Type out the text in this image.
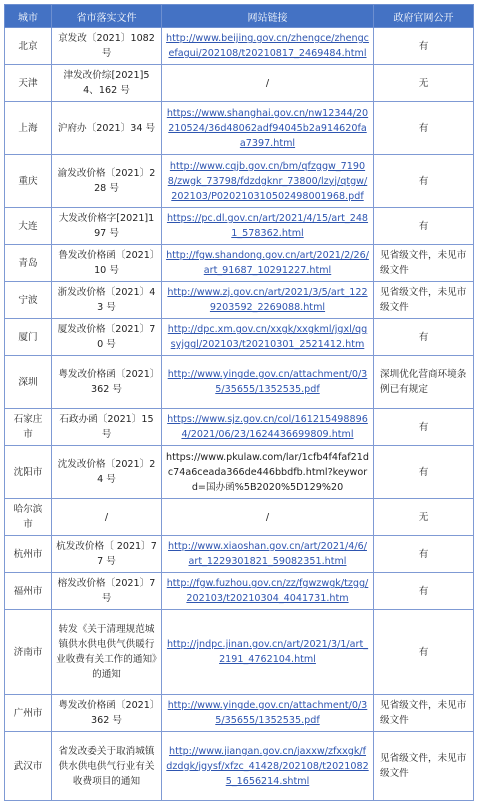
城市	省市落实文件	网站链接	政府官网公开
北京	京发改〔2021〕1082 号	http://www.beijing.gov.cn/zhengce/zhengcefagui/202108/t20210817_2469484.html	有
天津	津发改价综[2021]54、162 号	/	无
上海	沪府办〔2021〕34 号	https://www.shanghai.gov.cn/nw12344/20210524/36d48062adf94045b2a914620faa7397.html	有
重庆	渝发改价格〔2021〕228 号	http://www.cqjb.gov.cn/bm/qfzggw_71908/zwgk_73798/fdzdgknr_73800/lzyj/qtgw/202103/P020210310502498001968.pdf	有
大连	大发改价格字[2021]197 号	https://pc.dl.gov.cn/art/2021/4/15/art_2481_578362.html	有
青岛	鲁发改价格函〔2021〕10 号	http://fgw.shandong.gov.cn/art/2021/2/26/art_91687_10291227.html	见省级文件，未见市级文件
宁波	浙发改价格〔2021〕43 号	http://www.zj.gov.cn/art/2021/3/5/art_1229203592_2269088.html	见省级文件，未见市级文件
厦门	厦发改价格〔2021〕70 号	http://dpc.xm.gov.cn/xxgk/xxgkml/jgxl/qgsyjggl/202103/t20210301_2521412.htm	有
深圳	粤发改价格函〔2021〕362 号	http://www.yingde.gov.cn/attachment/0/35/35655/1352535.pdf	深圳优化营商环境条例已有规定
石家庄市	石政办函〔2021〕15 号	https://www.sjz.gov.cn/col/1612154988964/2021/06/23/1624436699809.html	有
沈阳市	沈发改价格〔2021〕24 号	https://www.pkulaw.com/lar/1cfb4f4faf21dc74a6ceada366de446bbdfb.html?keyword=国办函%5B2020%5D129%20	有
哈尔滨市	/	/	无
杭州市	杭发改价格〔 2021〕77 号	http://www.xiaoshan.gov.cn/art/2021/4/6/art_1229301821_59082351.html	有
福州市	榕发改价格〔2021〕7 号	http://fgw.fuzhou.gov.cn/zz/fgwzwgk/tzgg/202103/t20210304_4041731.htm	有
济南市	转发《关于清理规范城镇供水供电供气供暖行业收费有关工作的通知》的通知	http://jndpc.jinan.gov.cn/art/2021/3/1/art_2191_4762104.html	有
广州市	粤发改价格函〔2021〕362 号	http://www.yingde.gov.cn/attachment/0/35/35655/1352535.pdf	见省级文件，未见市级文件
武汉市	省发改委关于取消城镇供水供电供气行业有关收费项目的通知	http://www.jiangan.gov.cn/jaxxw/zfxxgk/fdzdgk/jgysf/xfzc_41428/202108/t20210825_1656214.shtml	见省级文件，未见市级文件
